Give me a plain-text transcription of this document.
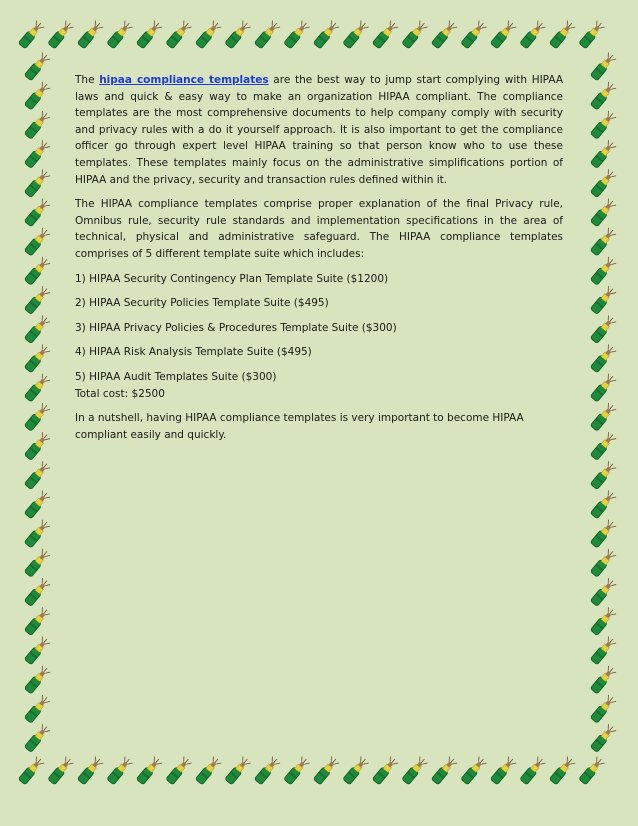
The hipaa compliance templates are the best way to jump start complying with HIPAA laws and quick & easy way to make an organization HIPAA compliant. The compliance templates are the most comprehensive documents to help company comply with security and privacy rules with a do it yourself approach. It is also important to get the compliance officer go through expert level HIPAA training so that person know who to use these templates. These templates mainly focus on the administrative simplifications portion of HIPAA and the privacy, security and transaction rules defined within it.

The HIPAA compliance templates comprise proper explanation of the final Privacy rule, Omnibus rule, security rule standards and implementation specifications in the area of technical, physical and administrative safeguard. The HIPAA compliance templates comprises of 5 different template suite which includes:

1) HIPAA Security Contingency Plan Template Suite ($1200)

2) HIPAA Security Policies Template Suite ($495)

3) HIPAA Privacy Policies & Procedures Template Suite ($300)

4) HIPAA Risk Analysis Template Suite ($495)

5) HIPAA Audit Templates Suite ($300)

Total cost: $2500

In a nutshell, having HIPAA compliance templates is very important to become HIPAA compliant easily and quickly.
